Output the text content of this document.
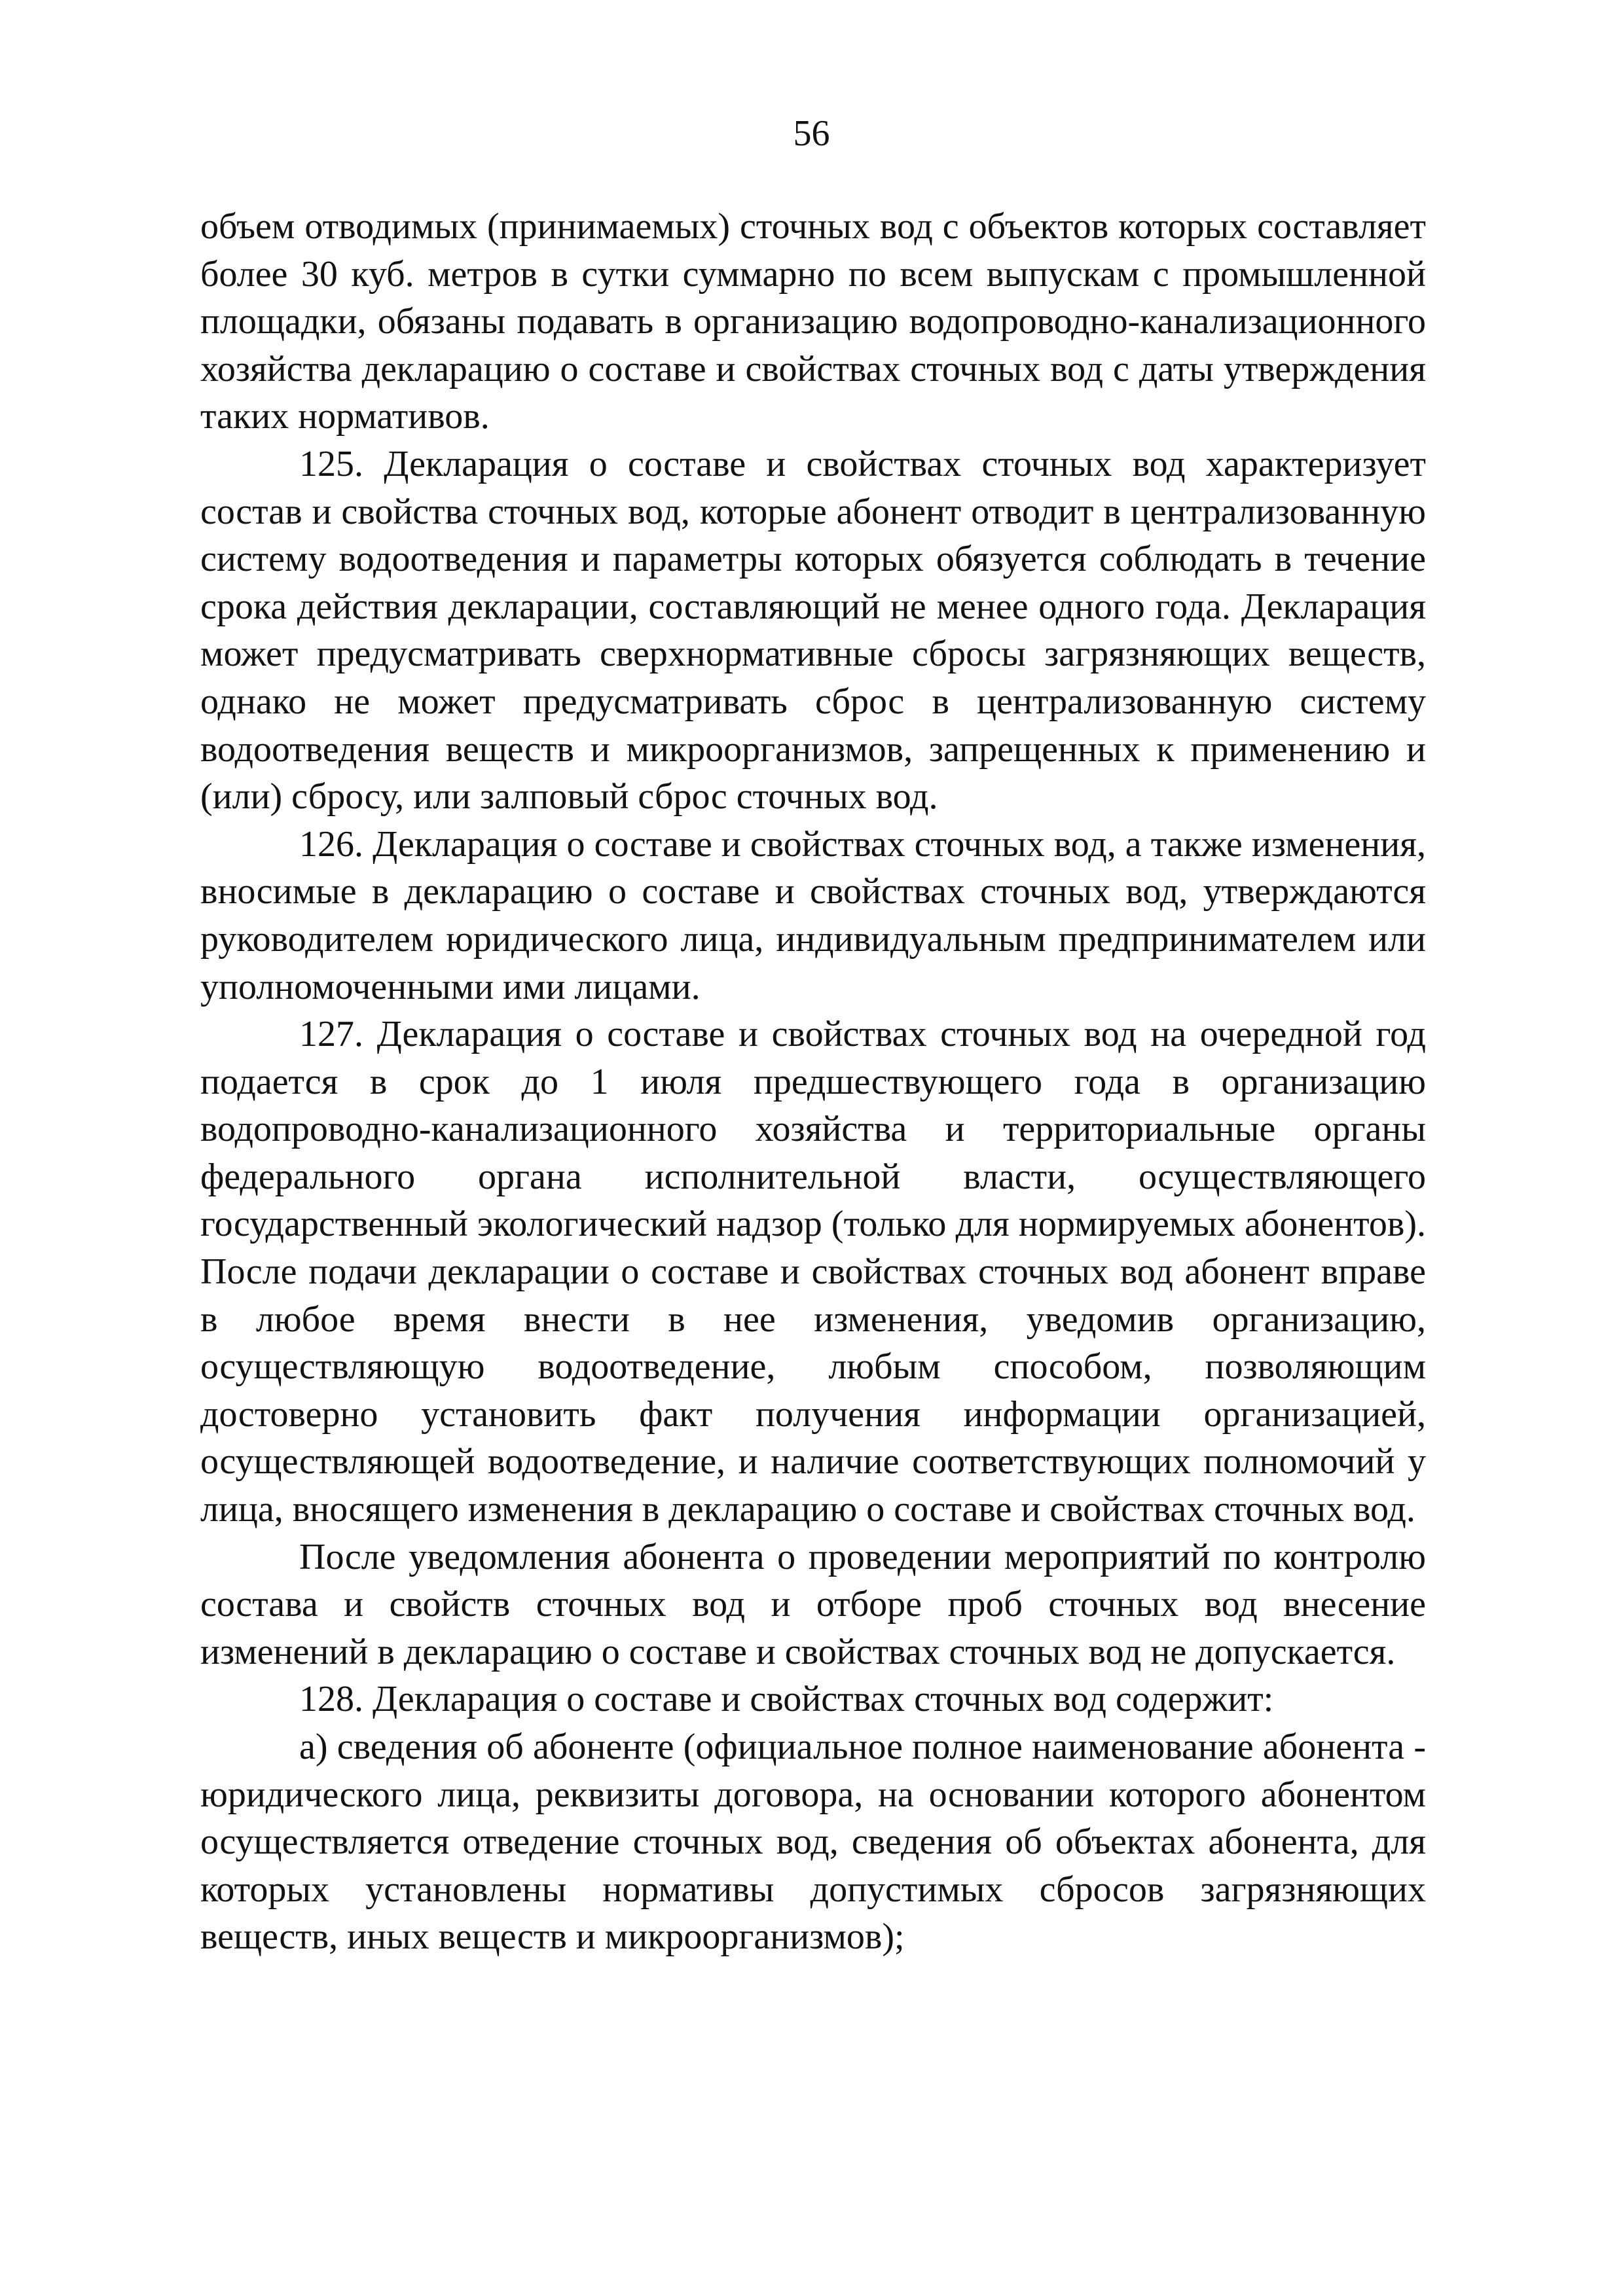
56

объем отводимых (принимаемых) сточных вод с объектов которых составляет более 30 куб. метров в сутки суммарно по всем выпускам с промышленной площадки, обязаны подавать в организацию водопроводно-канализационного хозяйства декларацию о составе и свойствах сточных вод с даты утверждения таких нормативов.

125. Декларация о составе и свойствах сточных вод характеризует состав и свойства сточных вод, которые абонент отводит в централизованную систему водоотведения и параметры которых обязуется соблюдать в течение срока действия декларации, составляющий не менее одного года. Декларация может предусматривать сверхнормативные сбросы загрязняющих веществ, однако не может предусматривать сброс в централизованную систему водоотведения веществ и микроорганизмов, запрещенных к применению и (или) сбросу, или залповый сброс сточных вод.

126. Декларация о составе и свойствах сточных вод, а также изменения, вносимые в декларацию о составе и свойствах сточных вод, утверждаются руководителем юридического лица, индивидуальным предпринимателем или уполномоченными ими лицами.

127. Декларация о составе и свойствах сточных вод на очередной год подается в срок до 1 июля предшествующего года в организацию водопроводно-канализационного хозяйства и территориальные органы федерального органа исполнительной власти, осуществляющего государственный экологический надзор (только для нормируемых абонентов). После подачи декларации о составе и свойствах сточных вод абонент вправе в любое время внести в нее изменения, уведомив организацию, осуществляющую водоотведение, любым способом, позволяющим достоверно установить факт получения информации организацией, осуществляющей водоотведение, и наличие соответствующих полномочий у лица, вносящего изменения в декларацию о составе и свойствах сточных вод.

После уведомления абонента о проведении мероприятий по контролю состава и свойств сточных вод и отборе проб сточных вод внесение изменений в декларацию о составе и свойствах сточных вод не допускается.

128. Декларация о составе и свойствах сточных вод содержит:

а) сведения об абоненте (официальное полное наименование абонента - юридического лица, реквизиты договора, на основании которого абонентом осуществляется отведение сточных вод, сведения об объектах абонента, для которых установлены нормативы допустимых сбросов загрязняющих веществ, иных веществ и микроорганизмов);
